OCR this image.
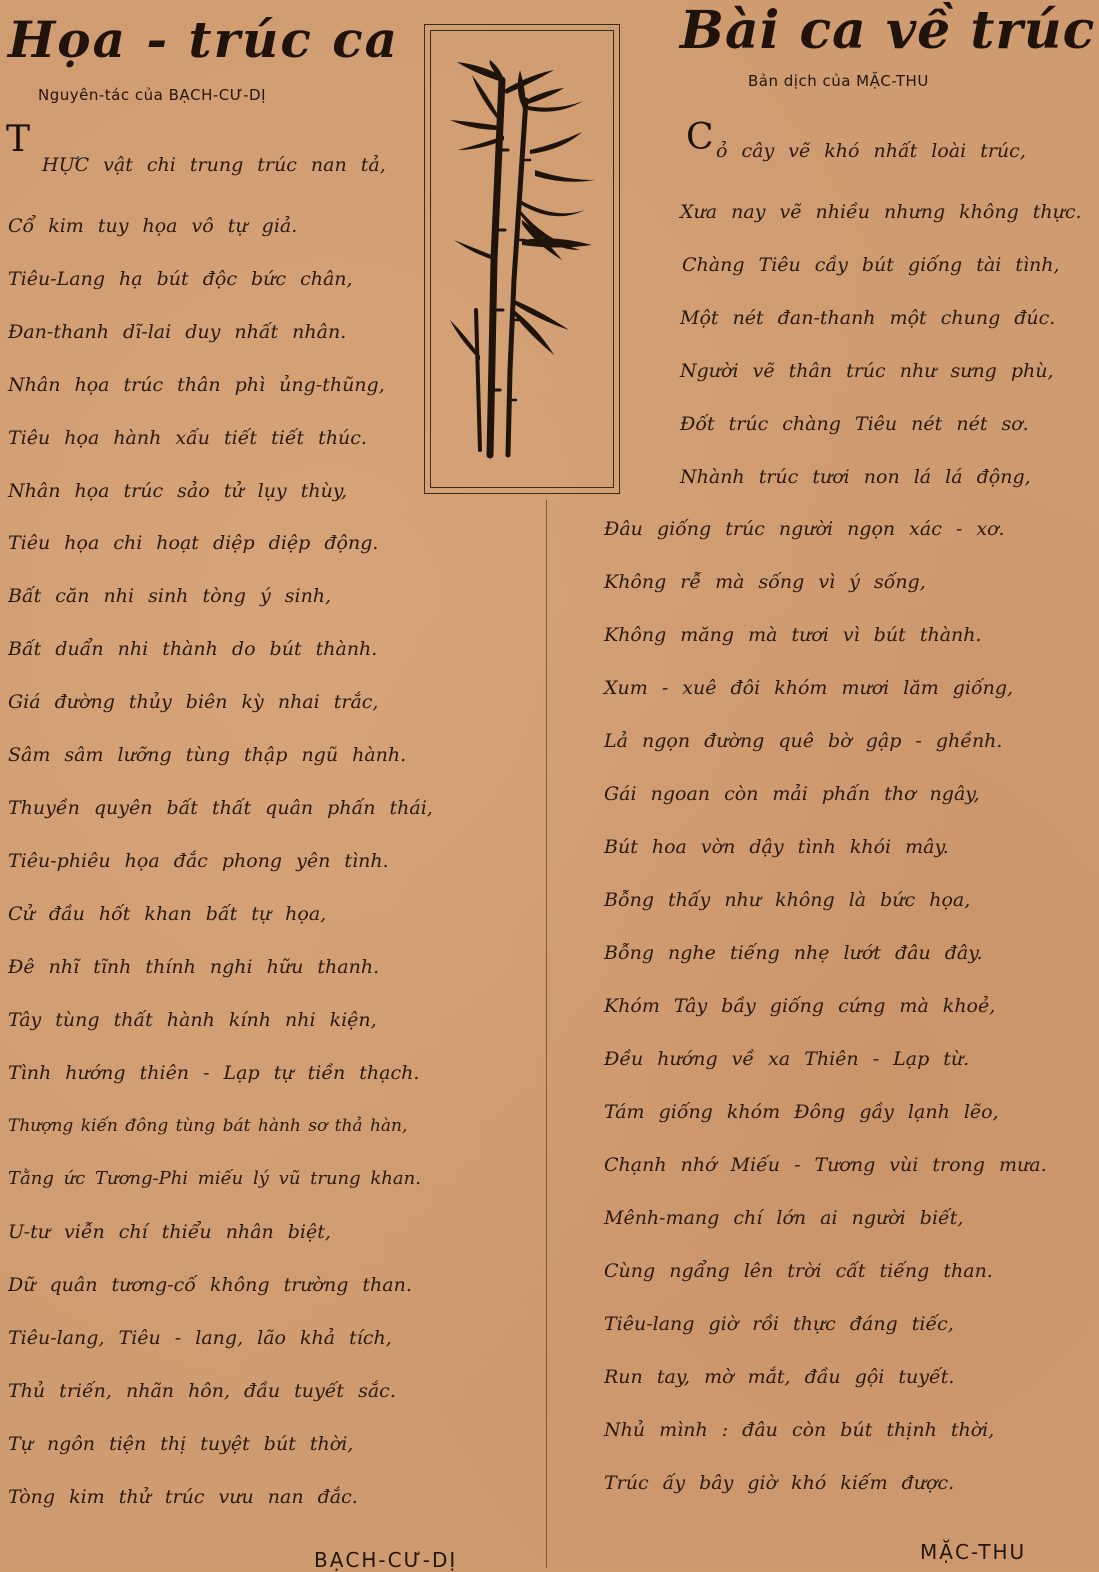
Họa - trúc ca
Nguyên-tác của BẠCH-CƯ-DỊ
T
HỰC vật chi trung trúc nan tả,
Cổ kim tuy họa vô tự giả.
Tiêu-Lang hạ bút độc bức chân,
Đan-thanh dĩ-lai duy nhất nhân.
Nhân họa trúc thân phì ủng-thũng,
Tiêu họa hành xấu tiết tiết thúc.
Nhân họa trúc sảo tử lụy thùy,
Tiêu họa chi hoạt diệp diệp động.
Bất căn nhi sinh tòng ý sinh,
Bất duẩn nhi thành do bút thành.
Giá đường thủy biên kỳ nhai trắc,
Sâm sâm lưỡng tùng thập ngũ hành.
Thuyền quyên bất thất quân phấn thái,
Tiêu-phiêu họa đắc phong yên tình.
Cử đầu hốt khan bất tự họa,
Đê nhĩ tĩnh thính nghi hữu thanh.
Tây tùng thất hành kính nhi kiện,
Tình hướng thiên - Lạp tự tiền thạch.
Thượng kiến đông tùng bát hành sơ thả hàn,
Tằng ức Tương-Phi miếu lý vũ trung khan.
U-tư viễn chí thiểu nhân biệt,
Dữ quân tương-cố không trường than.
Tiêu-lang, Tiêu - lang, lão khả tích,
Thủ triến, nhãn hôn, đầu tuyết sắc.
Tự ngôn tiện thị tuyệt bút thời,
Tòng kim thử trúc vưu nan đắc.
BẠCH-CƯ-DỊ
Bài ca về trúc
Bản dịch của MẶC-THU
C ỏ cây vẽ khó nhất loài trúc,
Xưa nay vẽ nhiều nhưng không thực.
Chàng Tiêu cầy bút giống tài tình,
Một nét đan-thanh một chung đúc.
Người vẽ thân trúc như sưng phù,
Đốt trúc chàng Tiêu nét nét sơ.
Nhành trúc tươi non lá lá động,
Đâu giống trúc người ngọn xác - xơ.
Không rễ mà sống vì ý sống,
Không măng mà tươi vì bút thành.
Xum - xuê đôi khóm mươi lăm giống,
Lả ngọn đường quê bờ gập - ghềnh.
Gái ngoan còn mải phấn thơ ngây,
Bút hoa vờn dậy tình khói mây.
Bỗng thấy như không là bức họa,
Bỗng nghe tiếng nhẹ lướt đâu đây.
Khóm Tây bầy giống cứng mà khoẻ,
Đều hướng về xa Thiên - Lạp từ.
Tám giống khóm Đông gầy lạnh lẽo,
Chạnh nhớ Miếu - Tương vùi trong mưa.
Mênh-mang chí lớn ai người biết,
Cùng ngẩng lên trời cất tiếng than.
Tiêu-lang giờ rồi thực đáng tiếc,
Run tay, mờ mắt, đầu gội tuyết.
Nhủ mình : đâu còn bút thịnh thời,
Trúc ấy bây giờ khó kiếm được.
MẶC-THU
